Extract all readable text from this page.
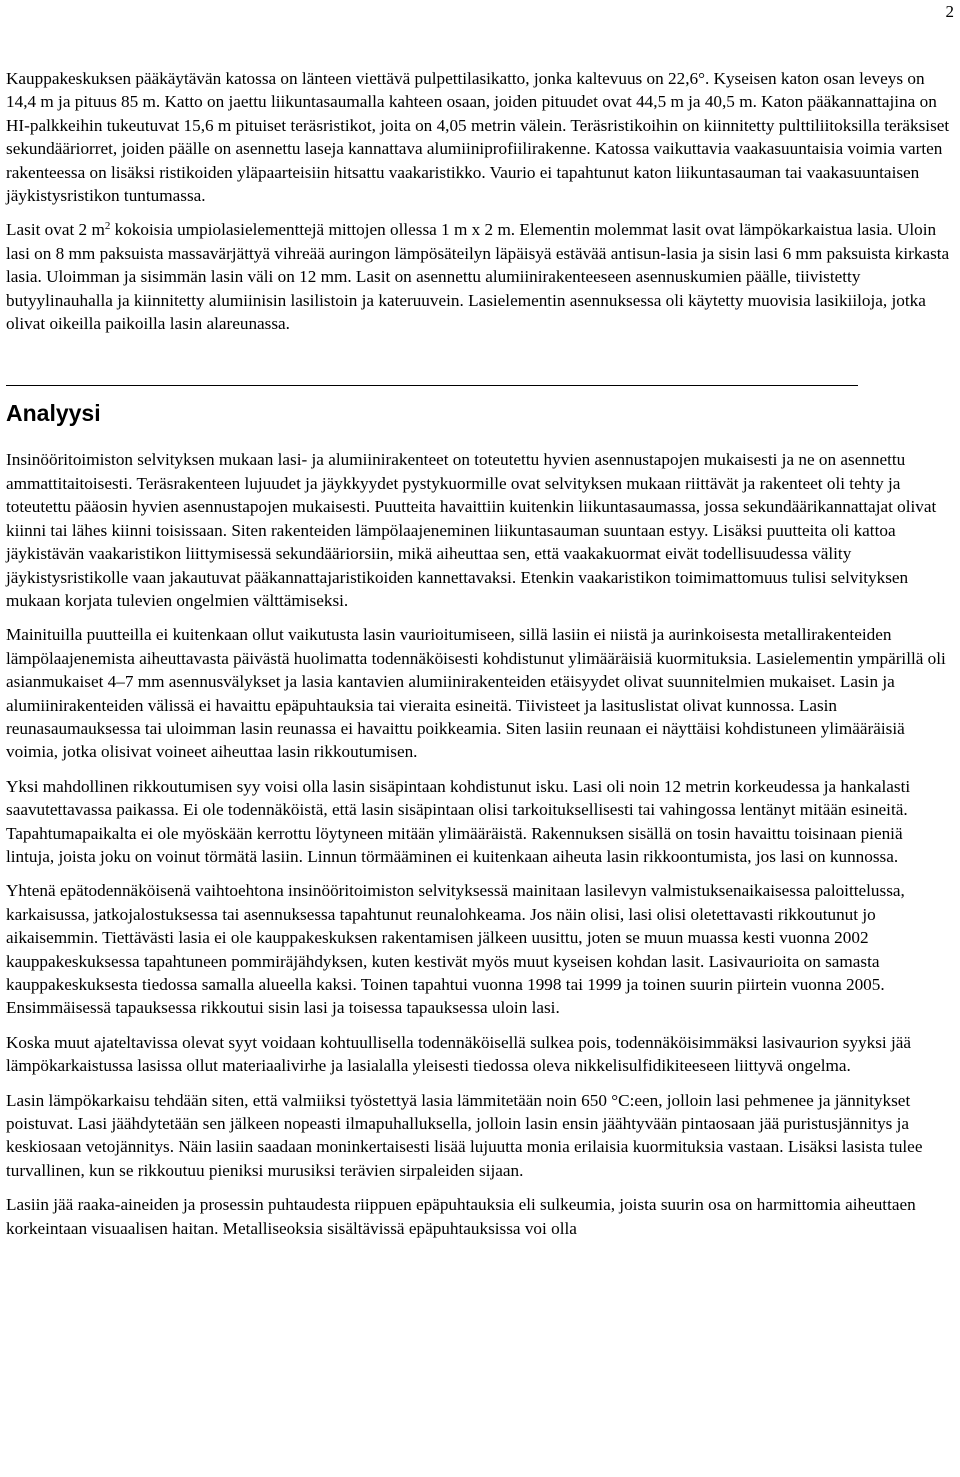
2

Kauppakeskuksen pääkäytävän katossa on länteen viettävä pulpettilasikatto, jonka kaltevuus on 22,6°. Kyseisen katon osan leveys on 14,4 m ja pituus 85 m. Katto on jaettu liikuntasaumalla kahteen osaan, joiden pituudet ovat 44,5 m ja 40,5 m. Katon pääkannattajina on HI-palkkeihin tukeutuvat 15,6 m pituiset teräsristikot, joita on 4,05 metrin välein. Teräsristikoihin on kiinnitetty pulttiliitoksilla teräksiset sekundääriorret, joiden päälle on asennettu laseja kannattava alumiiniprofiilirakenne. Katossa vaikuttavia vaakasuuntaisia voimia varten rakenteessa on lisäksi ristikoiden yläpaarteisiin hitsattu vaakaristikko. Vaurio ei tapahtunut katon liikuntasauman tai vaakasuuntaisen jäykistysristikon tuntumassa.

Lasit ovat 2 $m^2$ kokoisia umpiolasielementtejä mittojen ollessa 1 m x 2 m. Elementin molemmat lasit ovat lämpökarkaistua lasia. Uloin lasi on 8 mm paksuista massavärjättyä vihreää auringon lämpösäteilyn läpäisyä estävää antisun-lasia ja sisin lasi 6 mm paksuista kirkasta lasia. Uloimman ja sisimmän lasin väli on 12 mm. Lasit on asennettu alumiinirakenteeseen asennuskumien päälle, tiivistetty butyylinauhalla ja kiinnitetty alumiinisin lasilistoin ja kateruuvein. Lasielementin asennuksessa oli käytetty muovisia lasikiiloja, jotka olivat oikeilla paikoilla lasin alareunassa.

Analyysi

Insinööritoimiston selvityksen mukaan lasi- ja alumiinirakenteet on toteutettu hyvien asennustapojen mukaisesti ja ne on asennettu ammattitaitoisesti. Teräsrakenteen lujuudet ja jäykkyydet pystykuormille ovat selvityksen mukaan riittävät ja rakenteet oli tehty ja toteutettu pääosin hyvien asennustapojen mukaisesti. Puutteita havaittiin kuitenkin liikuntasaumassa, jossa sekundäärikannattajat olivat kiinni tai lähes kiinni toisissaan. Siten rakenteiden lämpölaajeneminen liikuntasauman suuntaan estyy. Lisäksi puutteita oli kattoa jäykistävän vaakaristikon liittymisessä sekundääriorsiin, mikä aiheuttaa sen, että vaakakuormat eivät todellisuudessa välity jäykistysristikolle vaan jakautuvat pääkannattajaristikoiden kannettavaksi. Etenkin vaakaristikon toimimattomuus tulisi selvityksen mukaan korjata tulevien ongelmien välttämiseksi.

Mainituilla puutteilla ei kuitenkaan ollut vaikutusta lasin vaurioitumiseen, sillä lasiin ei niistä ja aurinkoisesta metallirakenteiden lämpölaajenemista aiheuttavasta päivästä huolimatta todennäköisesti kohdistunut ylimääräisiä kuormituksia. Lasielementin ympärillä oli asianmukaiset 4–7 mm asennusvälykset ja lasia kantavien alumiinirakenteiden etäisyydet olivat suunnitelmien mukaiset. Lasin ja alumiinirakenteiden välissä ei havaittu epäpuhtauksia tai vieraita esineitä. Tiivisteet ja lasituslistat olivat kunnossa. Lasin reunasaumauksessa tai uloimman lasin reunassa ei havaittu poikkeamia. Siten lasiin reunaan ei näyttäisi kohdistuneen ylimääräisiä voimia, jotka olisivat voineet aiheuttaa lasin rikkoutumisen.

Yksi mahdollinen rikkoutumisen syy voisi olla lasin sisäpintaan kohdistunut isku. Lasi oli noin 12 metrin korkeudessa ja hankalasti saavutettavassa paikassa. Ei ole todennäköistä, että lasin sisäpintaan olisi tarkoituksellisesti tai vahingossa lentänyt mitään esineitä. Tapahtumapaikalta ei ole myöskään kerrottu löytyneen mitään ylimääräistä. Rakennuksen sisällä on tosin havaittu toisinaan pieniä lintuja, joista joku on voinut törmätä lasiin. Linnun törmääminen ei kuitenkaan aiheuta lasin rikkoontumista, jos lasi on kunnossa.

Yhtenä epätodennäköisenä vaihtoehtona insinööritoimiston selvityksessä mainitaan lasilevyn valmistuksenaikaisessa paloittelussa, karkaisussa, jatkojalostuksessa tai asennuksessa tapahtunut reunalohkeama. Jos näin olisi, lasi olisi oletettavasti rikkoutunut jo aikaisemmin. Tiettävästi lasia ei ole kauppakeskuksen rakentamisen jälkeen uusittu, joten se muun muassa kesti vuonna 2002 kauppakeskuksessa tapahtuneen pommiräjähdyksen, kuten kestivät myös muut kyseisen kohdan lasit. Lasivaurioita on samasta kauppakeskuksesta tiedossa samalla alueella kaksi. Toinen tapahtui vuonna 1998 tai 1999 ja toinen suurin piirtein vuonna 2005. Ensimmäisessä tapauksessa rikkoutui sisin lasi ja toisessa tapauksessa uloin lasi.

Koska muut ajateltavissa olevat syyt voidaan kohtuullisella todennäköisellä sulkea pois, todennäköisimmäksi lasivaurion syyksi jää lämpökarkaistussa lasissa ollut materiaalivirhe ja lasialalla yleisesti tiedossa oleva nikkelisulfidikiteeseen liittyvä ongelma.

Lasin lämpökarkaisu tehdään siten, että valmiiksi työstettyä lasia lämmitetään noin 650 °C:een, jolloin lasi pehmenee ja jännitykset poistuvat. Lasi jäähdytetään sen jälkeen nopeasti ilmapuhalluksella, jolloin lasin ensin jäähtyvään pintaosaan jää puristusjännitys ja keskiosaan vetojännitys. Näin lasiin saadaan moninkertaisesti lisää lujuutta monia erilaisia kuormituksia vastaan. Lisäksi lasista tulee turvallinen, kun se rikkoutuu pieniksi murusiksi terävien sirpaleiden sijaan.

Lasiin jää raaka-aineiden ja prosessin puhtaudesta riippuen epäpuhtauksia eli sulkeumia, joista suurin osa on harmittomia aiheuttaen korkeintaan visuaalisen haitan. Metalliseoksia sisältävissä epäpuhtauksissa voi olla
